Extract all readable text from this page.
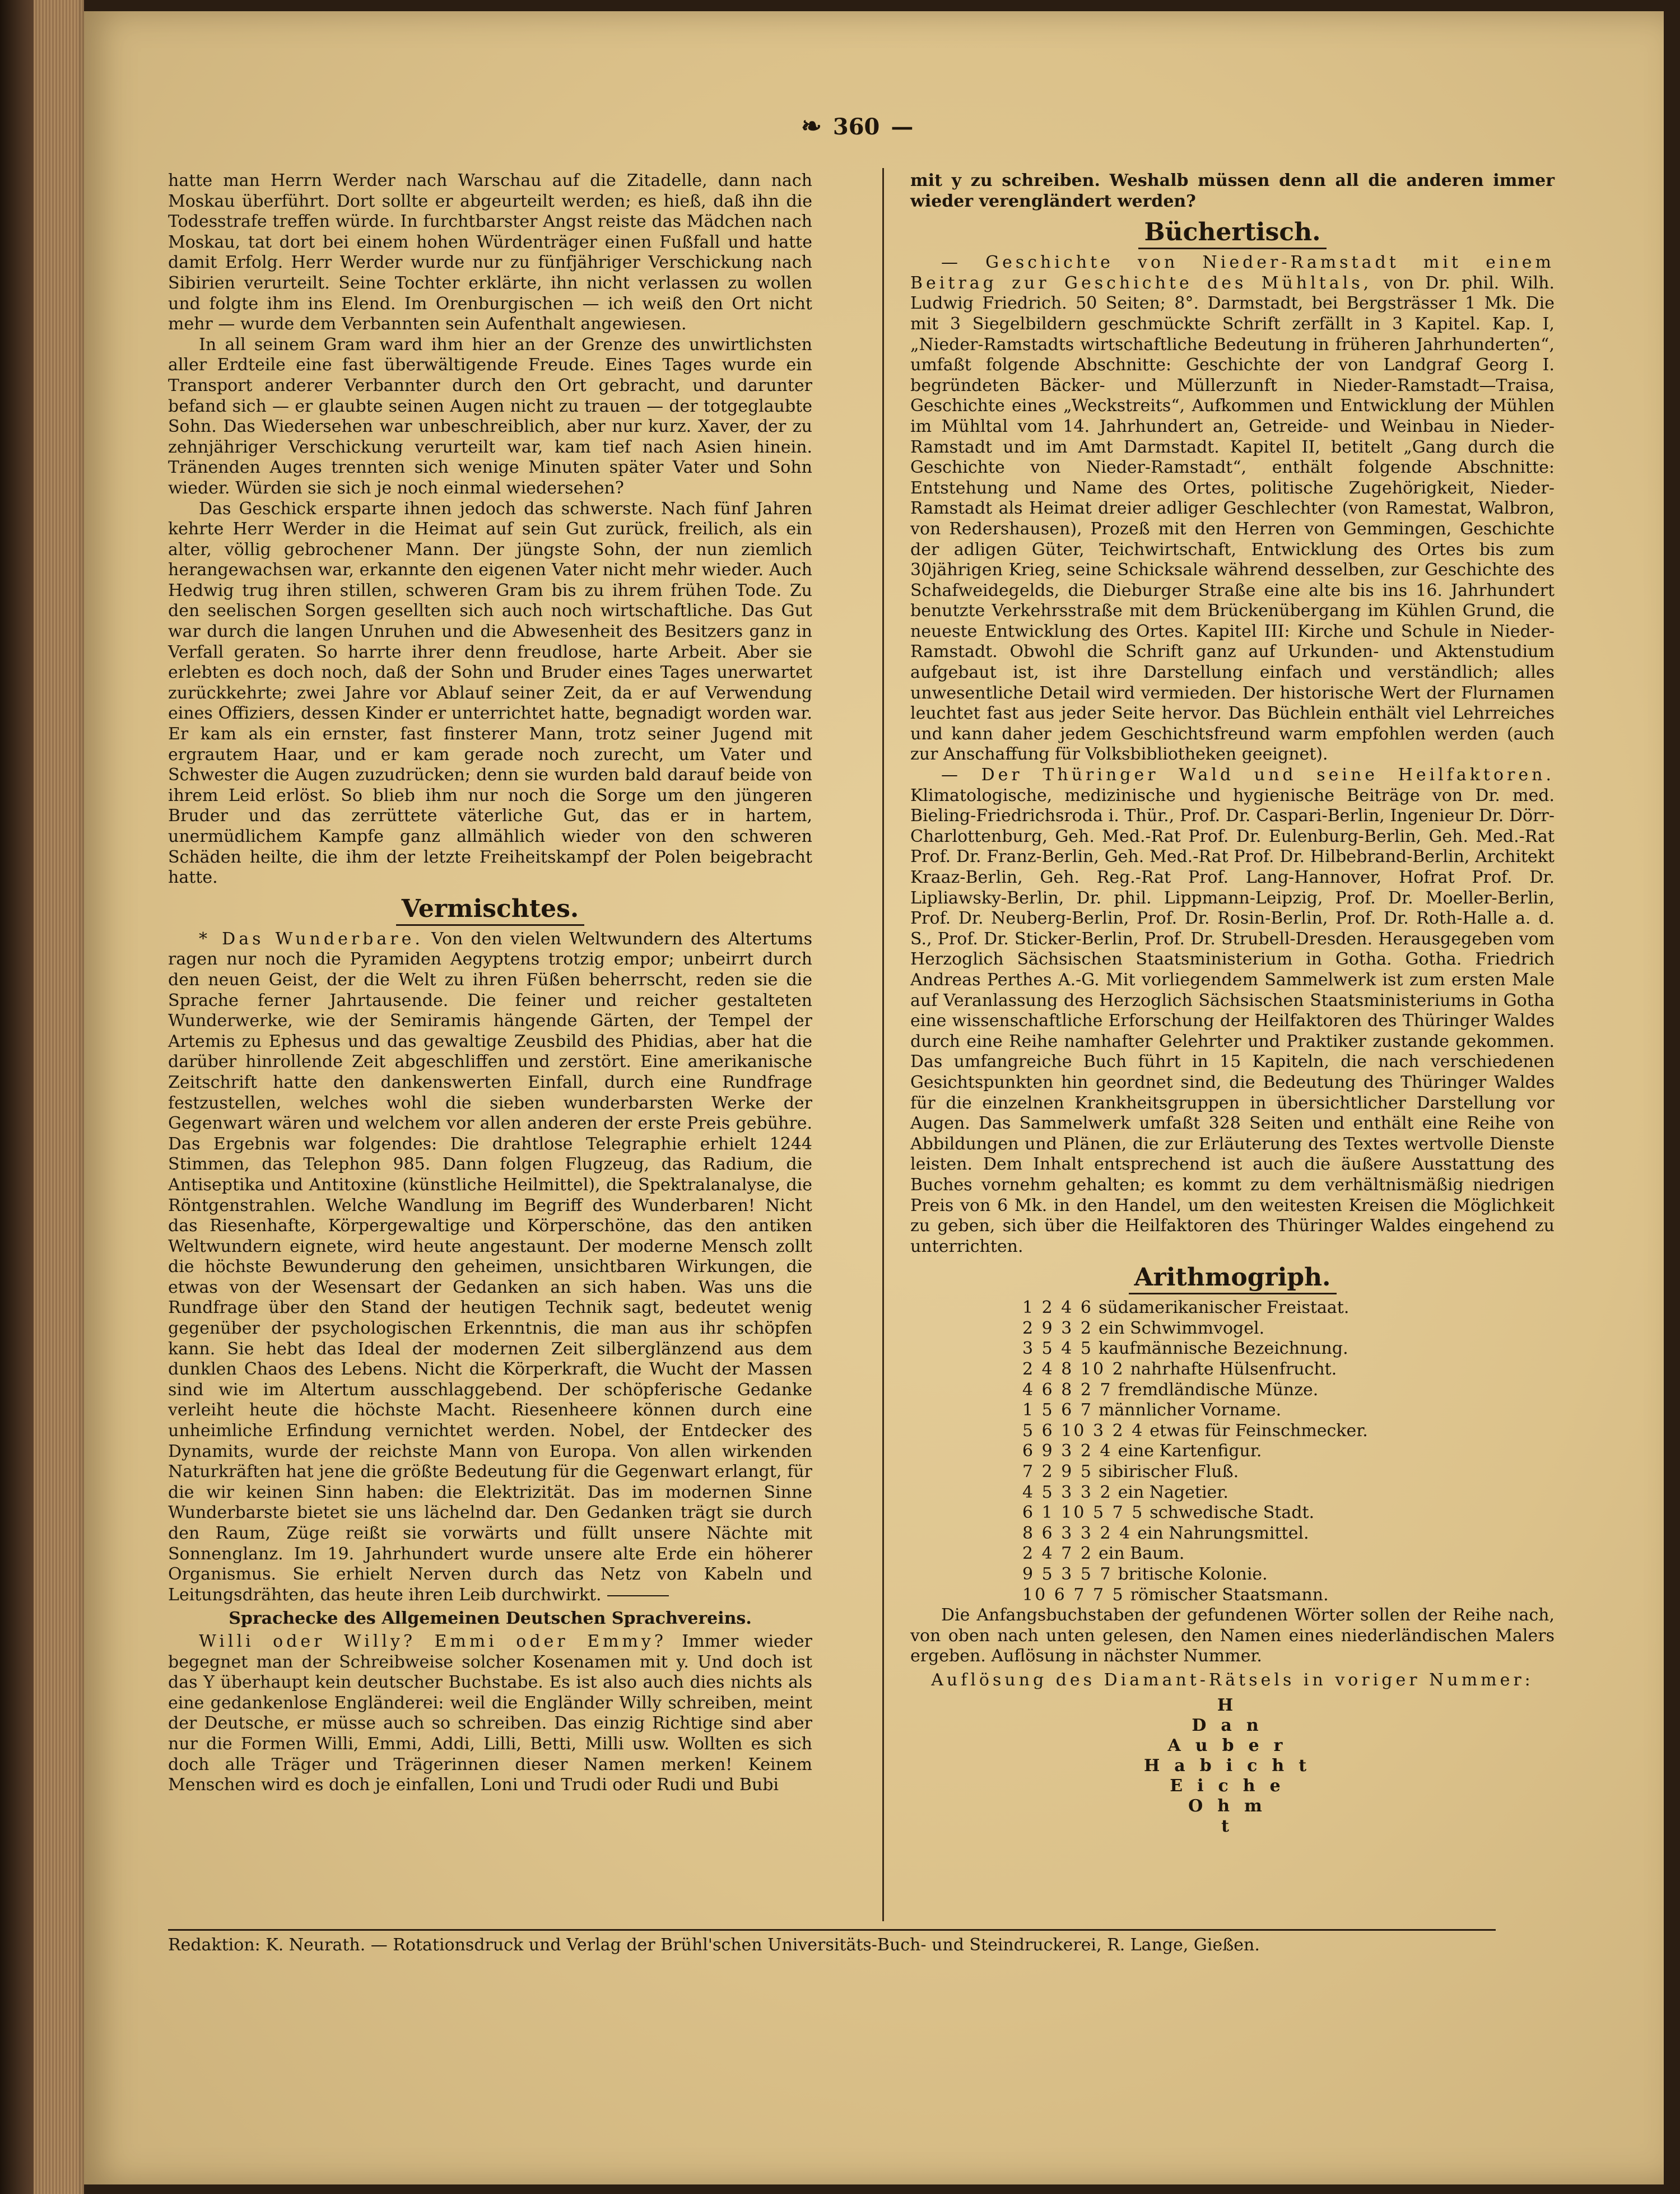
❧ 360 —

hatte man Herrn Werder nach Warschau auf die Zitadelle, dann nach Moskau überführt. Dort sollte er abgeurteilt werden; es hieß, daß ihn die Todesstrafe treffen würde. In furchtbarster Angst reiste das Mädchen nach Moskau, tat dort bei einem hohen Würdenträger einen Fußfall und hatte damit Erfolg. Herr Werder wurde nur zu fünfjähriger Verschickung nach Sibirien verurteilt. Seine Tochter erklärte, ihn nicht verlassen zu wollen und folgte ihm ins Elend. Im Orenburgischen — ich weiß den Ort nicht mehr — wurde dem Verbannten sein Aufenthalt angewiesen.

In all seinem Gram ward ihm hier an der Grenze des unwirtlichsten aller Erdteile eine fast überwältigende Freude. Eines Tages wurde ein Transport anderer Verbannter durch den Ort gebracht, und darunter befand sich — er glaubte seinen Augen nicht zu trauen — der totgeglaubte Sohn. Das Wiedersehen war unbeschreiblich, aber nur kurz. Xaver, der zu zehnjähriger Verschickung verurteilt war, kam tief nach Asien hinein. Tränenden Auges trennten sich wenige Minuten später Vater und Sohn wieder. Würden sie sich je noch einmal wiedersehen?

Das Geschick ersparte ihnen jedoch das schwerste. Nach fünf Jahren kehrte Herr Werder in die Heimat auf sein Gut zurück, freilich, als ein alter, völlig gebrochener Mann. Der jüngste Sohn, der nun ziemlich herangewachsen war, erkannte den eigenen Vater nicht mehr wieder. Auch Hedwig trug ihren stillen, schweren Gram bis zu ihrem frühen Tode. Zu den seelischen Sorgen gesellten sich auch noch wirtschaftliche. Das Gut war durch die langen Unruhen und die Abwesenheit des Besitzers ganz in Verfall geraten. So harrte ihrer denn freudlose, harte Arbeit. Aber sie erlebten es doch noch, daß der Sohn und Bruder eines Tages unerwartet zurückkehrte; zwei Jahre vor Ablauf seiner Zeit, da er auf Verwendung eines Offiziers, dessen Kinder er unterrichtet hatte, begnadigt worden war. Er kam als ein ernster, fast finsterer Mann, trotz seiner Jugend mit ergrautem Haar, und er kam gerade noch zurecht, um Vater und Schwester die Augen zuzudrücken; denn sie wurden bald darauf beide von ihrem Leid erlöst. So blieb ihm nur noch die Sorge um den jüngeren Bruder und das zerrüttete väterliche Gut, das er in hartem, unermüdlichem Kampfe ganz allmählich wieder von den schweren Schäden heilte, die ihm der letzte Freiheitskampf der Polen beigebracht hatte.

Vermischtes.

* Das Wunderbare. Von den vielen Weltwundern des Altertums ragen nur noch die Pyramiden Aegyptens trotzig empor; unbeirrt durch den neuen Geist, der die Welt zu ihren Füßen beherrscht, reden sie die Sprache ferner Jahrtausende. Die feiner und reicher gestalteten Wunderwerke, wie der Semiramis hängende Gärten, der Tempel der Artemis zu Ephesus und das gewaltige Zeusbild des Phidias, aber hat die darüber hinrollende Zeit abgeschliffen und zerstört. Eine amerikanische Zeitschrift hatte den dankenswerten Einfall, durch eine Rundfrage festzustellen, welches wohl die sieben wunderbarsten Werke der Gegenwart wären und welchem vor allen anderen der erste Preis gebühre. Das Ergebnis war folgendes: Die drahtlose Telegraphie erhielt 1244 Stimmen, das Telephon 985. Dann folgen Flugzeug, das Radium, die Antiseptika und Antitoxine (künstliche Heilmittel), die Spektralanalyse, die Röntgenstrahlen. Welche Wandlung im Begriff des Wunderbaren! Nicht das Riesenhafte, Körpergewaltige und Körperschöne, das den antiken Weltwundern eignete, wird heute angestaunt. Der moderne Mensch zollt die höchste Bewunderung den geheimen, unsichtbaren Wirkungen, die etwas von der Wesensart der Gedanken an sich haben. Was uns die Rundfrage über den Stand der heutigen Technik sagt, bedeutet wenig gegenüber der psychologischen Erkenntnis, die man aus ihr schöpfen kann. Sie hebt das Ideal der modernen Zeit silberglänzend aus dem dunklen Chaos des Lebens. Nicht die Körperkraft, die Wucht der Massen sind wie im Altertum ausschlaggebend. Der schöpferische Gedanke verleiht heute die höchste Macht. Riesenheere können durch eine unheimliche Erfindung vernichtet werden. Nobel, der Entdecker des Dynamits, wurde der reichste Mann von Europa. Von allen wirkenden Naturkräften hat jene die größte Bedeutung für die Gegenwart erlangt, für die wir keinen Sinn haben: die Elektrizität. Das im modernen Sinne Wunderbarste bietet sie uns lächelnd dar. Den Gedanken trägt sie durch den Raum, Züge reißt sie vorwärts und füllt unsere Nächte mit Sonnenglanz. Im 19. Jahrhundert wurde unsere alte Erde ein höherer Organismus. Sie erhielt Nerven durch das Netz von Kabeln und Leitungsdrähten, das heute ihren Leib durchwirkt.

Sprachecke des Allgemeinen Deutschen Sprachvereins.

Willi oder Willy? Emmi oder Emmy? Immer wieder begegnet man der Schreibweise solcher Kosenamen mit y. Und doch ist das Y überhaupt kein deutscher Buchstabe. Es ist also auch dies nichts als eine gedankenlose Engländerei: weil die Engländer Willy schreiben, meint der Deutsche, er müsse auch so schreiben. Das einzig Richtige sind aber nur die Formen Willi, Emmi, Addi, Lilli, Betti, Milli usw. Wollten es sich doch alle Träger und Trägerinnen dieser Namen merken! Keinem Menschen wird es doch je einfallen, Loni und Trudi oder Rudi und Bubi

mit y zu schreiben. Weshalb müssen denn all die anderen immer wieder verengländert werden?

Büchertisch.

— Geschichte von Nieder-Ramstadt mit einem Beitrag zur Geschichte des Mühltals, von Dr. phil. Wilh. Ludwig Friedrich. 50 Seiten; 8°. Darmstadt, bei Bergsträsser 1 Mk. Die mit 3 Siegelbildern geschmückte Schrift zerfällt in 3 Kapitel. Kap. I, „Nieder-Ramstadts wirtschaftliche Bedeutung in früheren Jahrhunderten“, umfaßt folgende Abschnitte: Geschichte der von Landgraf Georg I. begründeten Bäcker- und Müllerzunft in Nieder-Ramstadt—Traisa, Geschichte eines „Weckstreits“, Aufkommen und Entwicklung der Mühlen im Mühltal vom 14. Jahrhundert an, Getreide- und Weinbau in Nieder-Ramstadt und im Amt Darmstadt. Kapitel II, betitelt „Gang durch die Geschichte von Nieder-Ramstadt“, enthält folgende Abschnitte: Entstehung und Name des Ortes, politische Zugehörigkeit, Nieder-Ramstadt als Heimat dreier adliger Geschlechter (von Ramestat, Walbron, von Redershausen), Prozeß mit den Herren von Gemmingen, Geschichte der adligen Güter, Teichwirtschaft, Entwicklung des Ortes bis zum 30jährigen Krieg, seine Schicksale während desselben, zur Geschichte des Schafweidegelds, die Dieburger Straße eine alte bis ins 16. Jahrhundert benutzte Verkehrsstraße mit dem Brückenübergang im Kühlen Grund, die neueste Entwicklung des Ortes. Kapitel III: Kirche und Schule in Nieder-Ramstadt. Obwohl die Schrift ganz auf Urkunden- und Aktenstudium aufgebaut ist, ist ihre Darstellung einfach und verständlich; alles unwesentliche Detail wird vermieden. Der historische Wert der Flurnamen leuchtet fast aus jeder Seite hervor. Das Büchlein enthält viel Lehrreiches und kann daher jedem Geschichtsfreund warm empfohlen werden (auch zur Anschaffung für Volksbibliotheken geeignet).

— Der Thüringer Wald und seine Heilfaktoren. Klimatologische, medizinische und hygienische Beiträge von Dr. med. Bieling-Friedrichsroda i. Thür., Prof. Dr. Caspari-Berlin, Ingenieur Dr. Dörr-Charlottenburg, Geh. Med.-Rat Prof. Dr. Eulenburg-Berlin, Geh. Med.-Rat Prof. Dr. Franz-Berlin, Geh. Med.-Rat Prof. Dr. Hilbebrand-Berlin, Architekt Kraaz-Berlin, Geh. Reg.-Rat Prof. Lang-Hannover, Hofrat Prof. Dr. Lipliawsky-Berlin, Dr. phil. Lippmann-Leipzig, Prof. Dr. Moeller-Berlin, Prof. Dr. Neuberg-Berlin, Prof. Dr. Rosin-Berlin, Prof. Dr. Roth-Halle a. d. S., Prof. Dr. Sticker-Berlin, Prof. Dr. Strubell-Dresden. Herausgegeben vom Herzoglich Sächsischen Staatsministerium in Gotha. Gotha. Friedrich Andreas Perthes A.-G. Mit vorliegendem Sammelwerk ist zum ersten Male auf Veranlassung des Herzoglich Sächsischen Staatsministeriums in Gotha eine wissenschaftliche Erforschung der Heilfaktoren des Thüringer Waldes durch eine Reihe namhafter Gelehrter und Praktiker zustande gekommen. Das umfangreiche Buch führt in 15 Kapiteln, die nach verschiedenen Gesichtspunkten hin geordnet sind, die Bedeutung des Thüringer Waldes für die einzelnen Krankheitsgruppen in übersichtlicher Darstellung vor Augen. Das Sammelwerk umfaßt 328 Seiten und enthält eine Reihe von Abbildungen und Plänen, die zur Erläuterung des Textes wertvolle Dienste leisten. Dem Inhalt entsprechend ist auch die äußere Ausstattung des Buches vornehm gehalten; es kommt zu dem verhältnismäßig niedrigen Preis von 6 Mk. in den Handel, um den weitesten Kreisen die Möglichkeit zu geben, sich über die Heilfaktoren des Thüringer Waldes eingehend zu unterrichten.

Arithmogriph.
1 2 4 6 südamerikanischer Freistaat.
2 9 3 2 ein Schwimmvogel.
3 5 4 5 kaufmännische Bezeichnung.
2 4 8 10 2 nahrhafte Hülsenfrucht.
4 6 8 2 7 fremdländische Münze.
1 5 6 7 männlicher Vorname.
5 6 10 3 2 4 etwas für Feinschmecker.
6 9 3 2 4 eine Kartenfigur.
7 2 9 5 sibirischer Fluß.
4 5 3 3 2 ein Nagetier.
6 1 10 5 7 5 schwedische Stadt.
8 6 3 3 2 4 ein Nahrungsmittel.
2 4 7 2 ein Baum.
9 5 3 5 7 britische Kolonie.
10 6 7 7 5 römischer Staatsmann.

Die Anfangsbuchstaben der gefundenen Wörter sollen der Reihe nach, von oben nach unten gelesen, den Namen eines niederländischen Malers ergeben. Auflösung in nächster Nummer.

Auflösung des Diamant-Rätsels in voriger Nummer:
H
Dan
Auber
Habicht
Eiche
Ohm
t
Redaktion: K. Neurath. — Rotationsdruck und Verlag der Brühl'schen Universitäts-Buch- und Steindruckerei, R. Lange, Gießen.
